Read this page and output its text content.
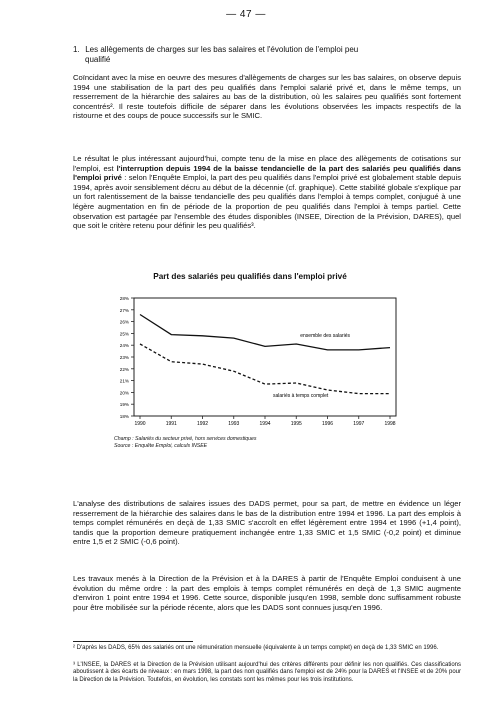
— 47 —
1. Les allègements de charges sur les bas salaires et l'évolution de l'emploi peu
qualifié

Coïncidant avec la mise en oeuvre des mesures d'allègements de charges sur les bas salaires, on observe depuis 1994 une stabilisation de la part des peu qualifiés dans l'emploi salarié privé et, dans le même temps, un resserrement de la hiérarchie des salaires au bas de la distribution, où les salaires peu qualifiés sont fortement concentrés². Il reste toutefois difficile de séparer dans les évolutions observées les impacts respectifs de la ristourne et des coups de pouce successifs sur le SMIC.

Le résultat le plus intéressant aujourd'hui, compte tenu de la mise en place des allègements de cotisations sur l'emploi, est l'interruption depuis 1994 de la baisse tendancielle de la part des salariés peu qualifiés dans l'emploi privé : selon l'Enquête Emploi, la part des peu qualifiés dans l'emploi privé est globalement stable depuis 1994, après avoir sensiblement décru au début de la décennie (cf. graphique). Cette stabilité globale s'explique par un fort ralentissement de la baisse tendancielle des peu qualifiés dans l'emploi à temps complet, conjugué à une légère augmentation en fin de période de la proportion de peu qualifiés dans l'emploi à temps partiel. Cette observation est partagée par l'ensemble des études disponibles (INSEE, Direction de la Prévision, DARES), quel que soit le critère retenu pour définir les peu qualifiés³.

Part des salariés peu qualifiés dans l'emploi privé
28%
27%
26%
25%
24%
23%
22%
21%
20%
19%
18%
1990	1991	1992	1993	1994	1995	1996	1997	1998
ensemble des salariés
salariés à temps complet
Champ : Salariés du secteur privé, hors services domestiques
Source : Enquête Emploi, calculs INSEE

L'analyse des distributions de salaires issues des DADS permet, pour sa part, de mettre en évidence un léger resserrement de la hiérarchie des salaires dans le bas de la distribution entre 1994 et 1996. La part des emplois à temps complet rémunérés en deçà de 1,33 SMIC s'accroît en effet légèrement entre 1994 et 1996 (+1,4 point), tandis que la proportion demeure pratiquement inchangée entre 1,33 SMIC et 1,5 SMIC (-0,2 point) et diminue entre 1,5 et 2 SMIC (-0,6 point).

Les travaux menés à la Direction de la Prévision et à la DARES à partir de l'Enquête Emploi conduisent à une évolution du même ordre : la part des emplois à temps complet rémunérés en deçà de 1,3 SMIC augmente d'environ 1 point entre 1994 et 1996. Cette source, disponible jusqu'en 1998, semble donc suffisamment robuste pour être mobilisée sur la période récente, alors que les DADS sont connues jusqu'en 1996.

² D'après les DADS, 65% des salariés ont une rémunération mensuelle (équivalente à un temps complet) en deçà de 1,33 SMIC en 1996.

³ L'INSEE, la DARES et la Direction de la Prévision utilisant aujourd'hui des critères différents pour définir les non qualifiés. Ces classifications aboutissent à des écarts de niveaux : en mars 1998, la part des non qualifiés dans l'emploi est de 24% pour la DARES et l'INSEE et de 20% pour la Direction de la Prévision. Toutefois, en évolution, les constats sont les mêmes pour les trois institutions.
